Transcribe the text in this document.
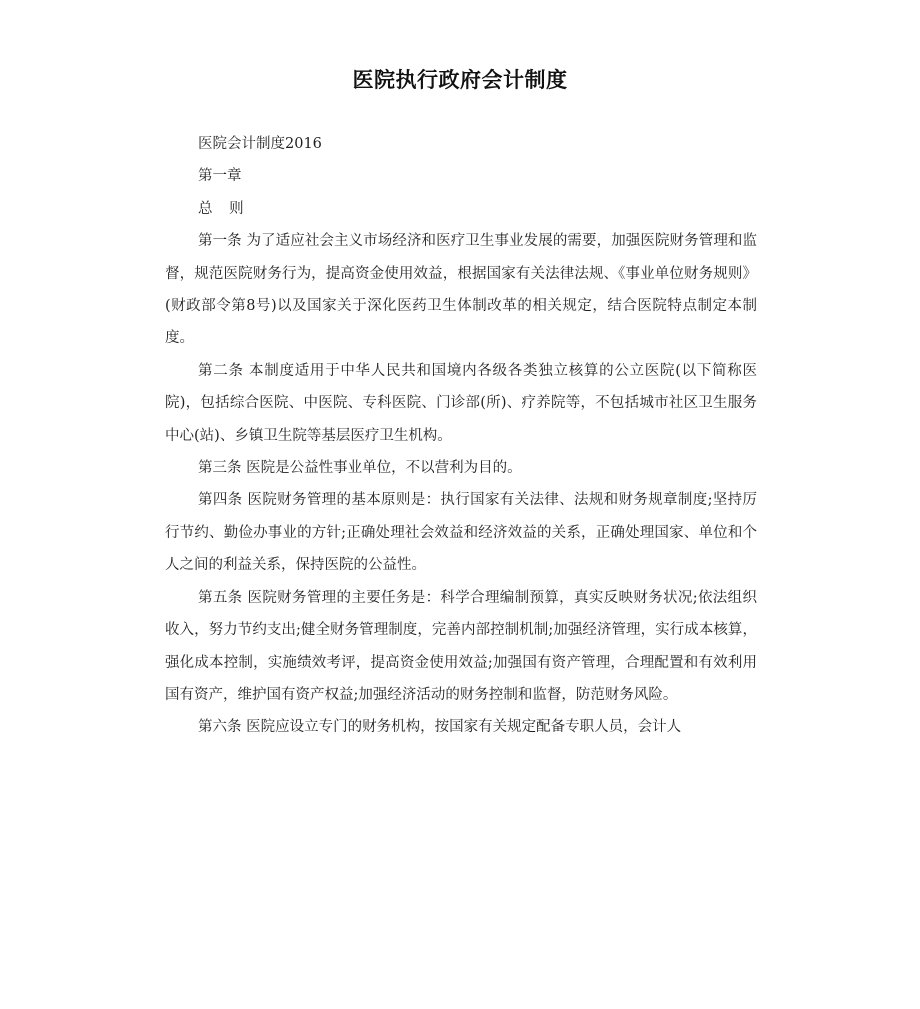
医院执行政府会计制度

医院会计制度2016

第一章

总 则

第一条 为了适应社会主义市场经济和医疗卫生事业发展的需要，加强医院财务管理和监督，规范医院财务行为，提高资金使用效益，根据国家有关法律法规、《事业单位财务规则》(财政部令第8号)以及国家关于深化医药卫生体制改革的相关规定，结合医院特点制定本制度。

第二条 本制度适用于中华人民共和国境内各级各类独立核算的公立医院(以下简称医院)，包括综合医院、中医院、专科医院、门诊部(所)、疗养院等，不包括城市社区卫生服务中心(站)、乡镇卫生院等基层医疗卫生机构。

第三条 医院是公益性事业单位，不以营利为目的。

第四条 医院财务管理的基本原则是：执行国家有关法律、法规和财务规章制度;坚持厉行节约、勤俭办事业的方针;正确处理社会效益和经济效益的关系，正确处理国家、单位和个人之间的利益关系，保持医院的公益性。

第五条 医院财务管理的主要任务是：科学合理编制预算，真实反映财务状况;依法组织收入，努力节约支出;健全财务管理制度，完善内部控制机制;加强经济管理，实行成本核算，强化成本控制，实施绩效考评，提高资金使用效益;加强国有资产管理，合理配置和有效利用国有资产，维护国有资产权益;加强经济活动的财务控制和监督，防范财务风险。

第六条 医院应设立专门的财务机构，按国家有关规定配备专职人员，会计人
